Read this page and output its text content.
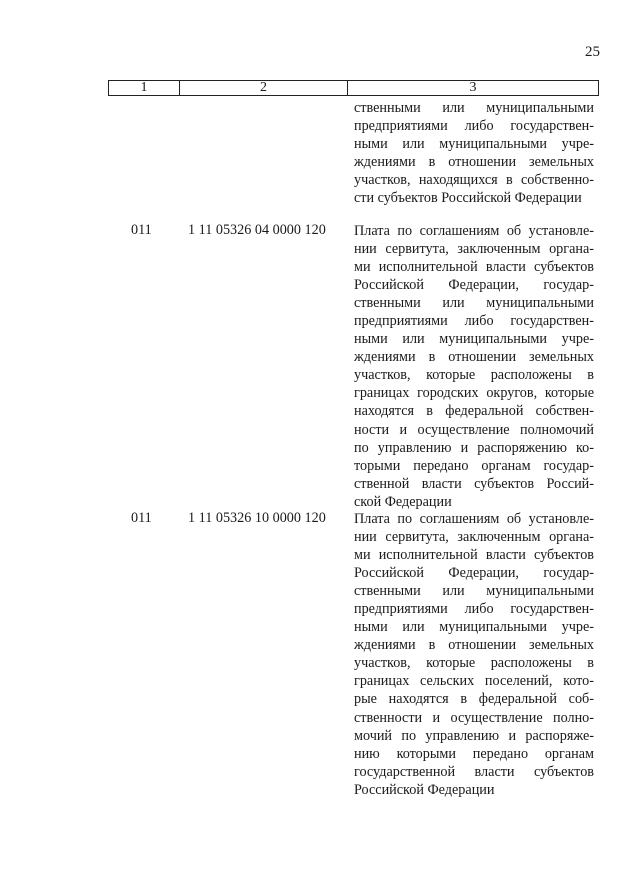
25
1	2	3
ственными или муниципальными
предприятиями либо государствен-
ными или муниципальными учре-
ждениями в отношении земельных
участков, находящихся в собственно-
сти субъектов Российской Федерации
011	1 11 05326 04 0000 120 Плата по соглашениям об установле-
нии сервитута, заключенным органа-
ми исполнительной власти субъектов
Российской Федерации, государ-
ственными или муниципальными
предприятиями либо государствен-
ными или муниципальными учре-
ждениями в отношении земельных
участков, которые расположены в
границах городских округов, которые
находятся в федеральной собствен-
ности и осуществление полномочий
по управлению и распоряжению ко-
торыми передано органам государ-
ственной власти субъектов Россий-
ской Федерации
011	1 11 05326 10 0000 120 Плата по соглашениям об установле-
нии сервитута, заключенным органа-
ми исполнительной власти субъектов
Российской Федерации, государ-
ственными или муниципальными
предприятиями либо государствен-
ными или муниципальными учре-
ждениями в отношении земельных
участков, которые расположены в
границах сельских поселений, кото-
рые находятся в федеральной соб-
ственности и осуществление полно-
мочий по управлению и распоряже-
нию которыми передано органам
государственной власти субъектов
Российской Федерации
